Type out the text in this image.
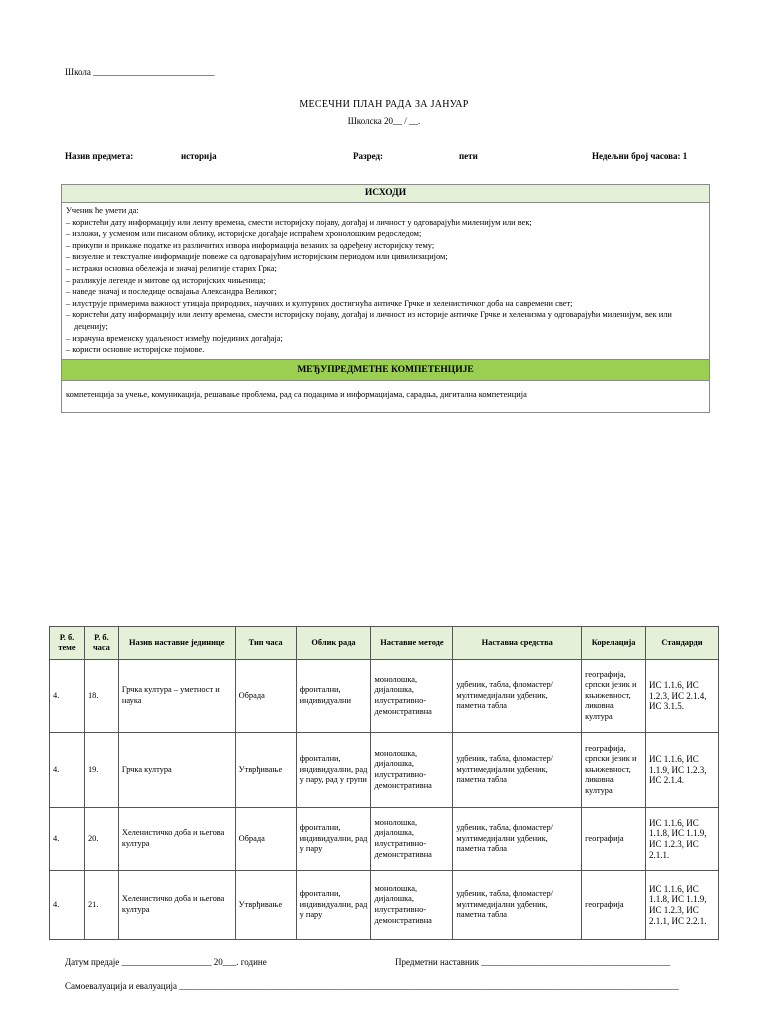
Школа ___________________________
МЕСЕЧНИ ПЛАН РАДА ЗА ЈАНУАР
Школска 20__ / __.
Назив предмета:	историја	Разред:	пети	Недељни број часова: 1
ИСХОДИ
Ученик ће умети да:
– користећи дату информацију или ленту времена, смести историјску појаву, догађај и личност у одговарајући миленијум или век;
– изложи, у усменом или писаном облику, историјске догађаје испраћем хронолошким редоследом;
– прикупи и прикаже податке из различитих извора информација везаних за одређену историјску тему;
– визуелне и текстуалне информације повеже са одговарајућим историјским периодом или цивилизацијом;
– истражи основна обележја и значај религије старих Грка;
– разликује легенде и митове од историјских чињеница;
– наведе значај и последице освајања Александра Великог;
– илуструје примерима важност утицаја природних, научних и културних достигнућа античке Грчке и хеленистичког доба на савремени свет;
– користећи дату информацију или ленту времена, смести историјску појаву, догађај и личност из историје античке Грчке и хеленизма у одговарајући миленијум, век или деценију;
– израчуна временску удаљеност између појединих догађаја;
– користи основне историјске појмове.
МЕЂУПРЕДМЕТНЕ КОМПЕТЕНЦИЈЕ
компетенција за учење, комуникација, решавање проблема, рад са подацима и информацијама, сарадња, дигитална компетенција
Р. б. теме	Р. б. часа	Назив наставне јединице	Тип часа	Облик рада	Наставне методе	Наставна средства	Корелација	Стандарди
4.	18.	Грчка култура – уметност и наука	Обрада	фронтални, индивидуални	монолошка, дијалошка, илустративно-демонстративна	удбеник, табла, фломастер/мултимедијални удбеник, паметна табла	географија, српски језик и књижевност, ликовна култура	ИС 1.1.6, ИС 1.2.3, ИС 2.1.4, ИС 3.1.5.
4.	19.	Грчка култура	Утврђивање	фронтални, индивидуални, рад у пару, рад у групи	монолошка, дијалошка, илустративно-демонстративна	удбеник, табла, фломастер/мултимедијални удбеник, паметна табла	географија, српски језик и књижевност, ликовна култура	ИС 1.1.6, ИС 1.1.9, ИС 1.2.3, ИС 2.1.4.
4.	20.	Хеленистичко доба и његова култура	Обрада	фронтални, индивидуални, рад у пару	монолошка, дијалошка, илустративно-демонстративна	удбеник, табла, фломастер/мултимедијални удбеник, паметна табла	географија	ИС 1.1.6, ИС 1.1.8, ИС 1.1.9, ИС 1.2.3, ИС 2.1.1.
4.	21.	Хеленистичко доба и његова култура	Утврђивање	фронтални, индивидуални, рад у пару	монолошка, дијалошка, илустративно-демонстративна	удбеник, табла, фломастер/мултимедијални удбеник, паметна табла	географија	ИС 1.1.6, ИС 1.1.8, ИС 1.1.9, ИС 1.2.3, ИС 2.1.1, ИС 2.2.1.
Датум предаје ____________________ 20___. године	Предметни наставник __________________________________________
Самоевалуација и евалуација _______________________________________________________________________________________________________________
